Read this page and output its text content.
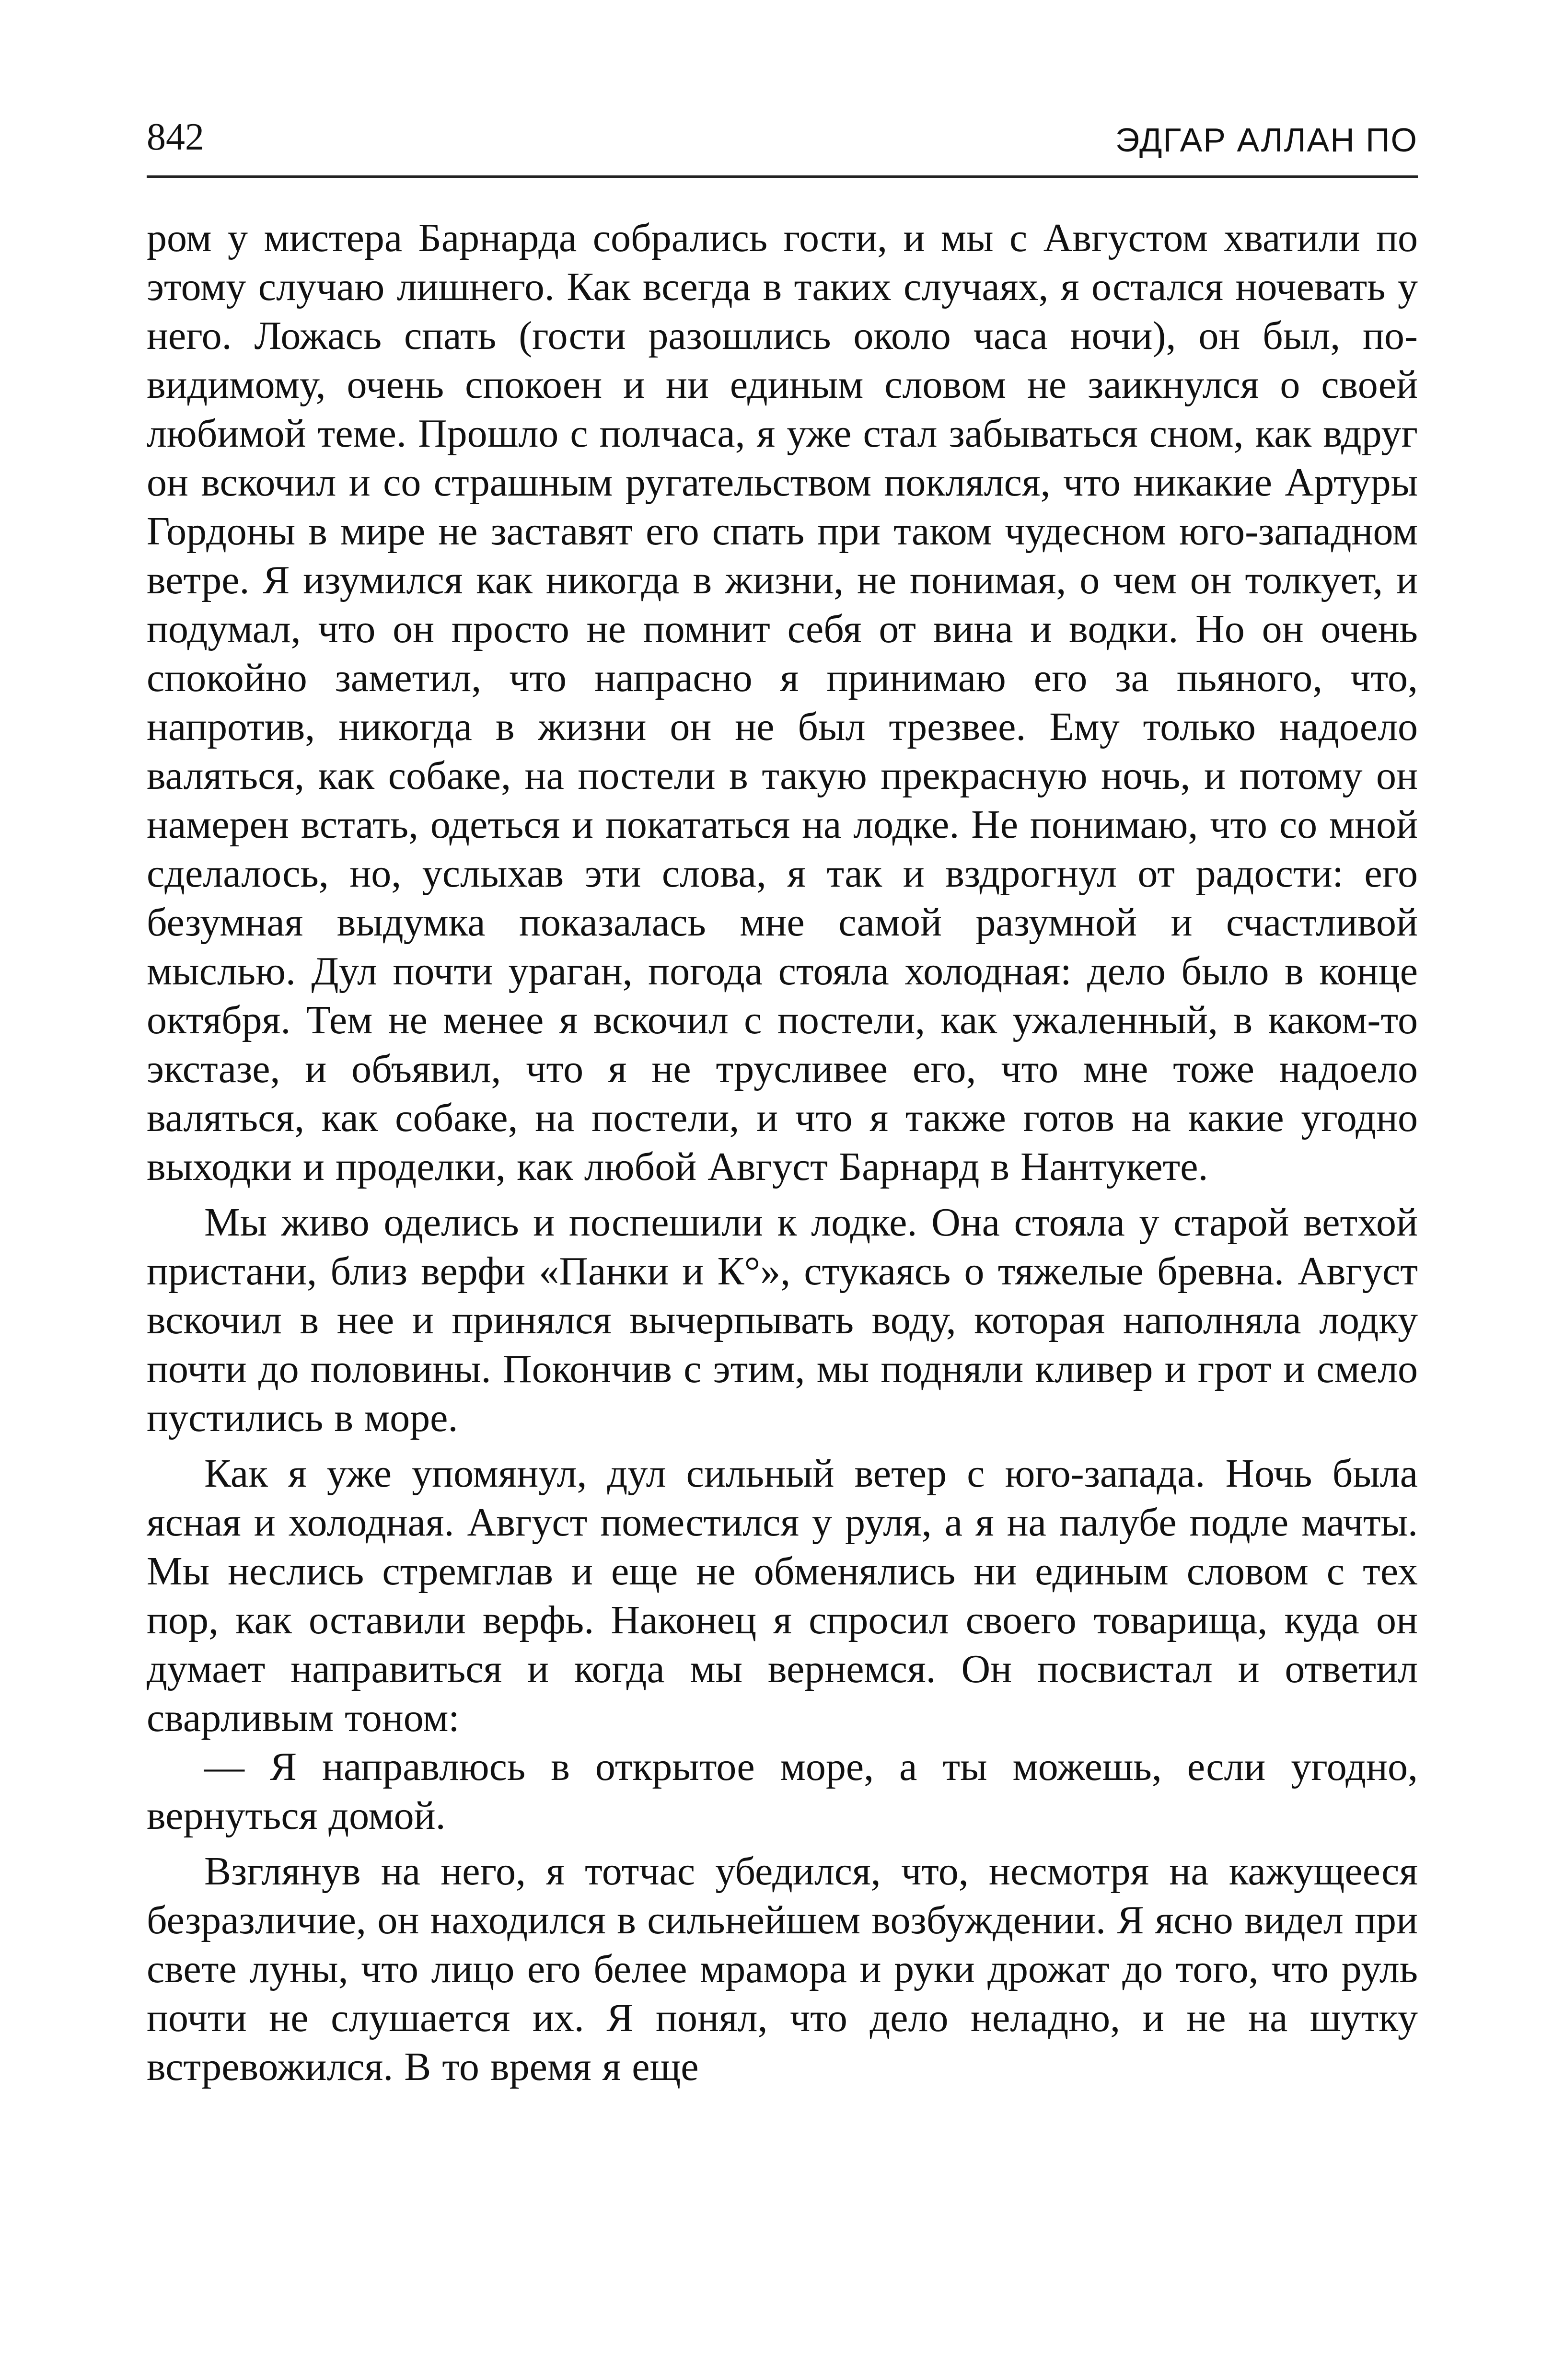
842	ЭДГАР АЛЛАН ПО

ром у мистера Барнарда собрались гости, и мы с Августом хватили по этому случаю лишнего. Как всегда в таких случаях, я остался ночевать у него. Ложась спать (гости разошлись около часа ночи), он был, по-видимому, очень спокоен и ни единым словом не заикнулся о своей любимой теме. Прошло с полчаса, я уже стал забываться сном, как вдруг он вскочил и со страшным ругательством поклялся, что никакие Артуры Гордоны в мире не заставят его спать при таком чудесном юго-западном ветре. Я изумился как никогда в жизни, не понимая, о чем он толкует, и подумал, что он просто не помнит себя от вина и водки. Но он очень спокойно заметил, что напрасно я принимаю его за пьяного, что, напротив, никогда в жизни он не был трезвее. Ему только надоело валяться, как собаке, на постели в такую прекрасную ночь, и потому он намерен встать, одеться и покататься на лодке. Не понимаю, что со мной сделалось, но, услыхав эти слова, я так и вздрогнул от радости: его безумная выдумка показалась мне самой разумной и счастливой мыслью. Дул почти ураган, погода стояла холодная: дело было в конце октября. Тем не менее я вскочил с постели, как ужаленный, в каком-то экстазе, и объявил, что я не трусливее его, что мне тоже надоело валяться, как собаке, на постели, и что я также готов на какие угодно выходки и проделки, как любой Август Барнард в Нантукете.

Мы живо оделись и поспешили к лодке. Она стояла у старой ветхой пристани, близ верфи «Панки и К°», стукаясь о тяжелые бревна. Август вскочил в нее и принялся вычерпывать воду, которая наполняла лодку почти до половины. Покончив с этим, мы подняли кливер и грот и смело пустились в море.

Как я уже упомянул, дул сильный ветер с юго-запада. Ночь была ясная и холодная. Август поместился у руля, а я на палубе подле мачты. Мы неслись стремглав и еще не обменялись ни единым словом с тех пор, как оставили верфь. Наконец я спросил своего товарища, куда он думает направиться и когда мы вернемся. Он посвистал и ответил сварливым тоном:

— Я направлюсь в открытое море, а ты можешь, если угодно, вернуться домой.

Взглянув на него, я тотчас убедился, что, несмотря на кажущееся безразличие, он находился в сильнейшем возбуждении. Я ясно видел при свете луны, что лицо его белее мрамора и руки дрожат до того, что руль почти не слушается их. Я понял, что дело неладно, и не на шутку встревожился. В то время я еще
